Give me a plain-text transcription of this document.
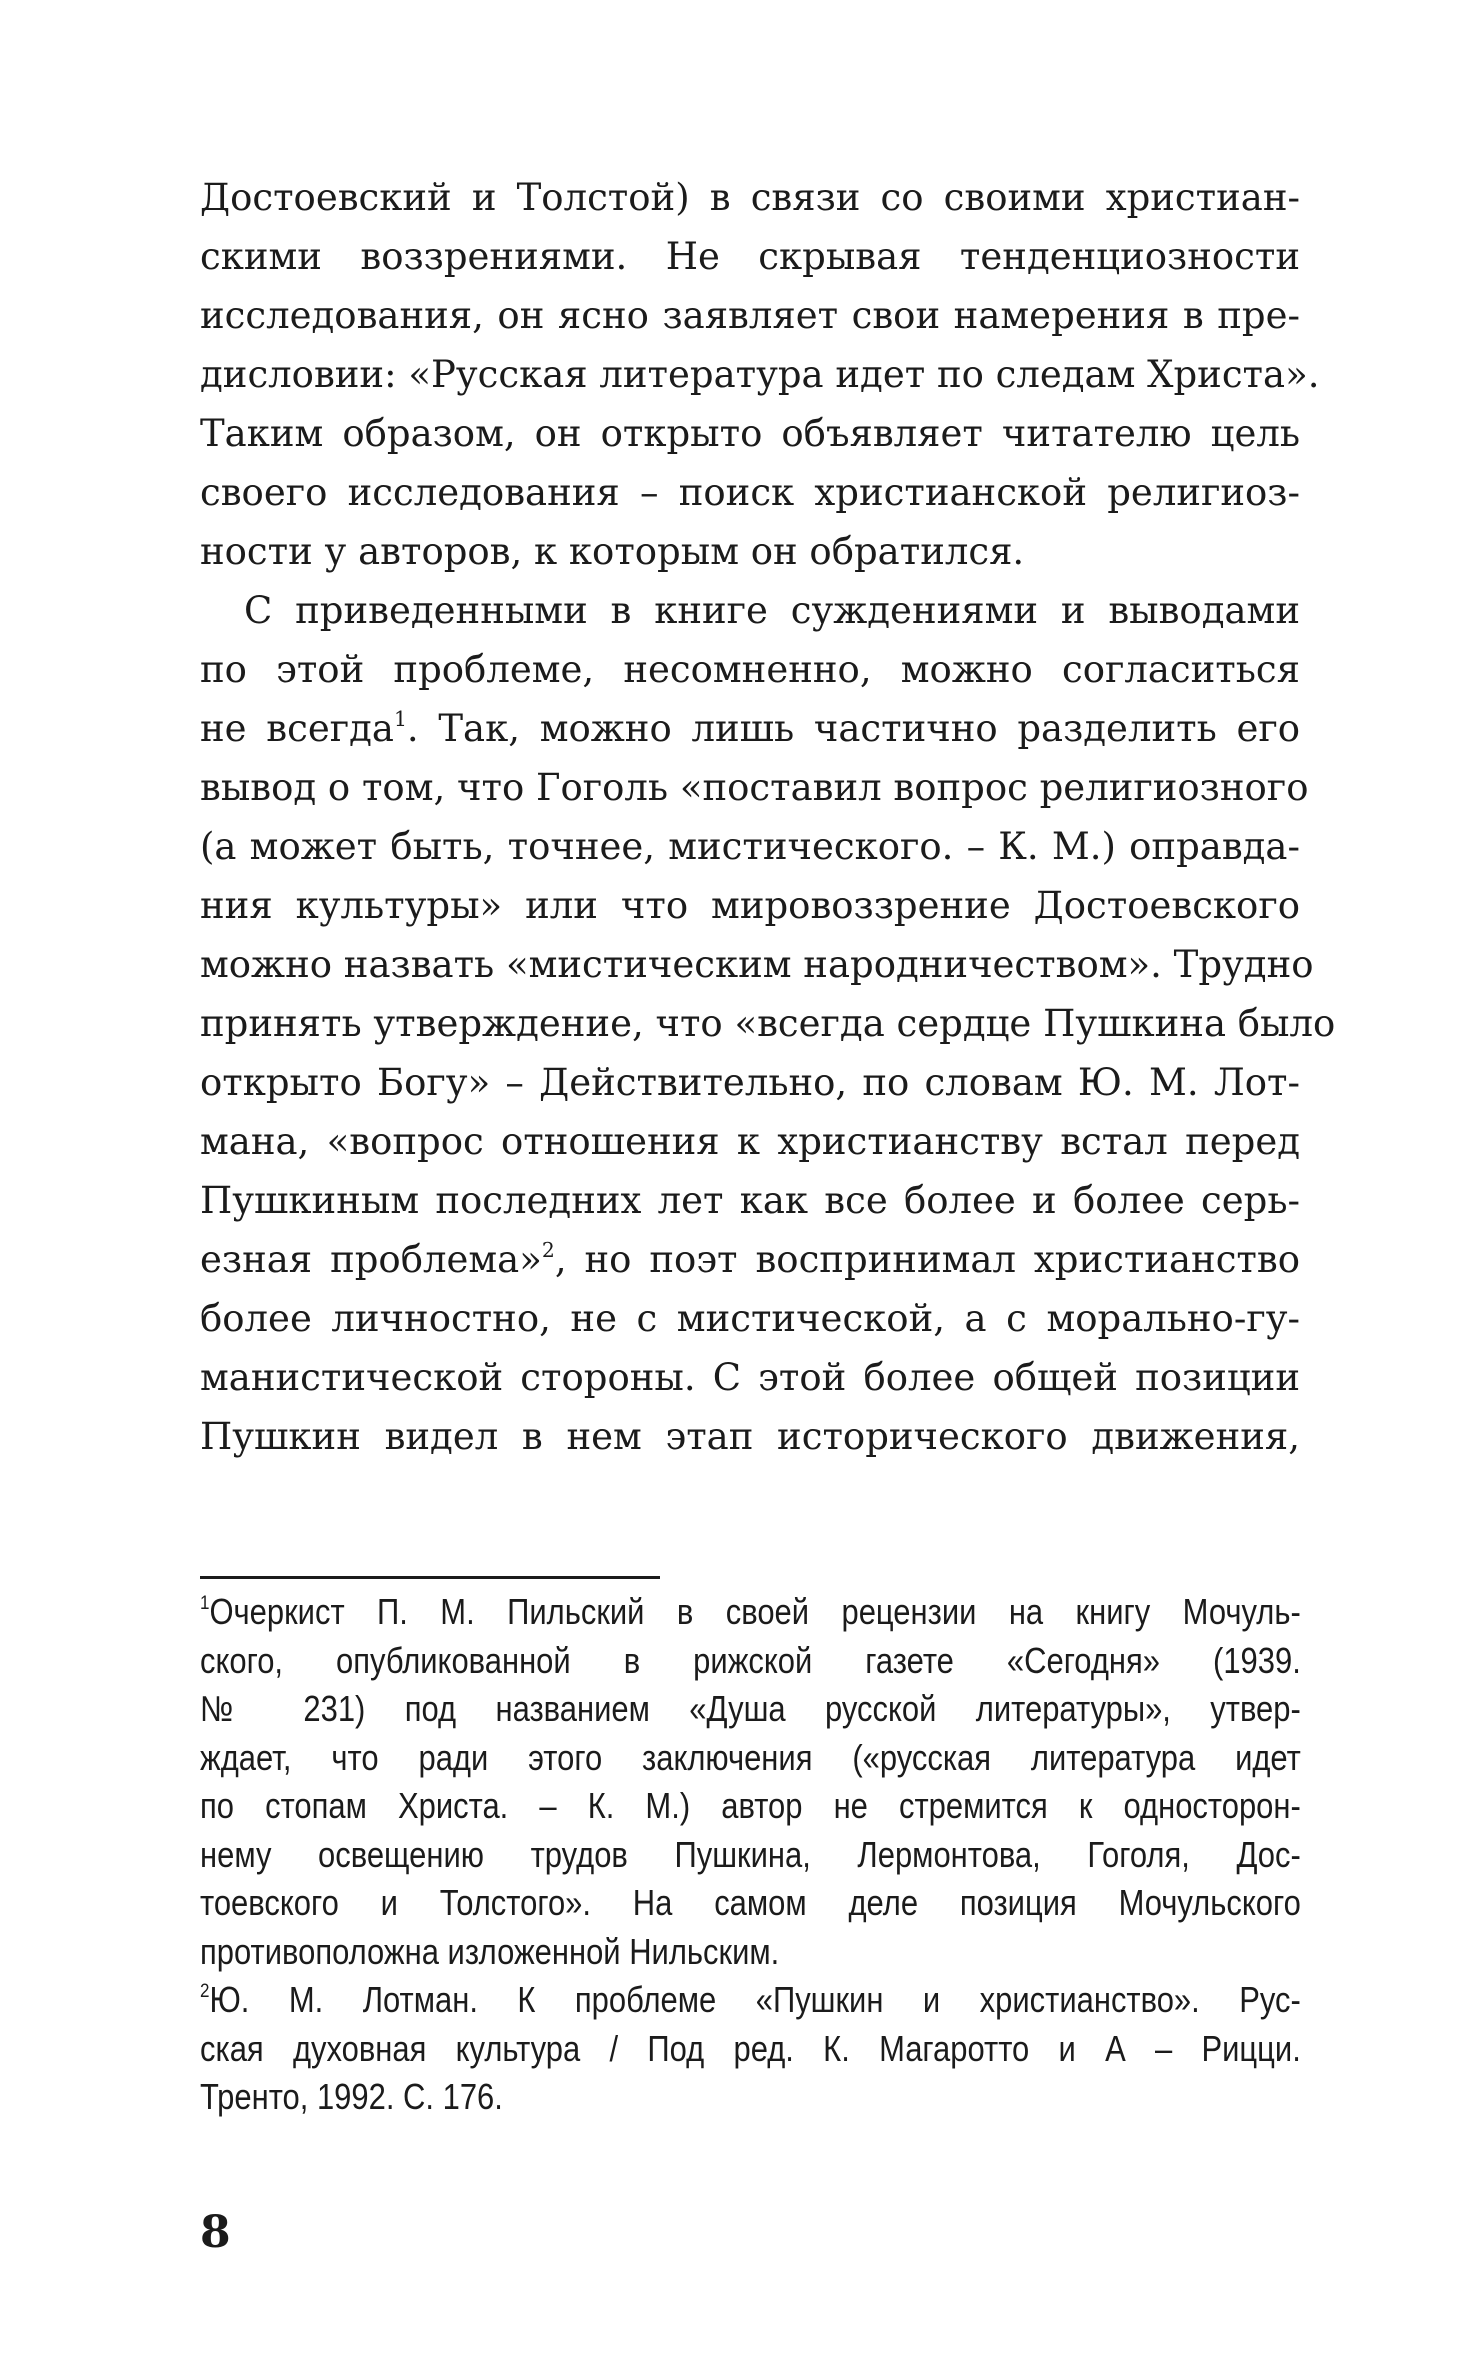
Достоевский и Толстой) в связи со своими христиан-
скими воззрениями. Не скрывая тенденциозности
исследования, он ясно заявляет свои намерения в пре-
дисловии: «Русская литература идет по следам Христа».
Таким образом, он открыто объявляет читателю цель
своего исследования – поиск христианской религиоз-
ности у авторов, к которым он обратился.
С приведенными в книге суждениями и выводами
по этой проблеме, несомненно, можно согласиться
не всегда$^1$. Так, можно лишь частично разделить его
вывод о том, что Гоголь «поставил вопрос религиозного
(а может быть, точнее, мистического. – К. М.) оправда-
ния культуры» или что мировоззрение Достоевского
можно назвать «мистическим народничеством». Трудно
принять утверждение, что «всегда сердце Пушкина было
открыто Богу» – Действительно, по словам Ю. М. Лот-
мана, «вопрос отношения к христианству встал перед
Пушкиным последних лет как все более и более серь-
езная проблема»$^2$, но поэт воспринимал христианство
более личностно, не с мистической, а с морально-гу-
манистической стороны. С этой более общей позиции
Пушкин видел в нем этап исторического движения,
$^1$Очеркист П. М. Пильский в своей рецензии на книгу Мочуль-
ского, опубликованной в рижской газете «Сегодня» (1939.
№ 231) под названием «Душа русской литературы», утвер-
ждает, что ради этого заключения («русская литература идет
по стопам Христа. – К. М.) автор не стремится к односторон-
нему освещению трудов Пушкина, Лермонтова, Гоголя, Дос-
тоевского и Толстого». На самом деле позиция Мочульского
противоположна изложенной Нильским.
$^2$Ю. М. Лотман. К проблеме «Пушкин и христианство». Рус-
ская духовная культура / Под ред. К. Магаротто и А – Рицци.
Тренто, 1992. С. 176.
8
